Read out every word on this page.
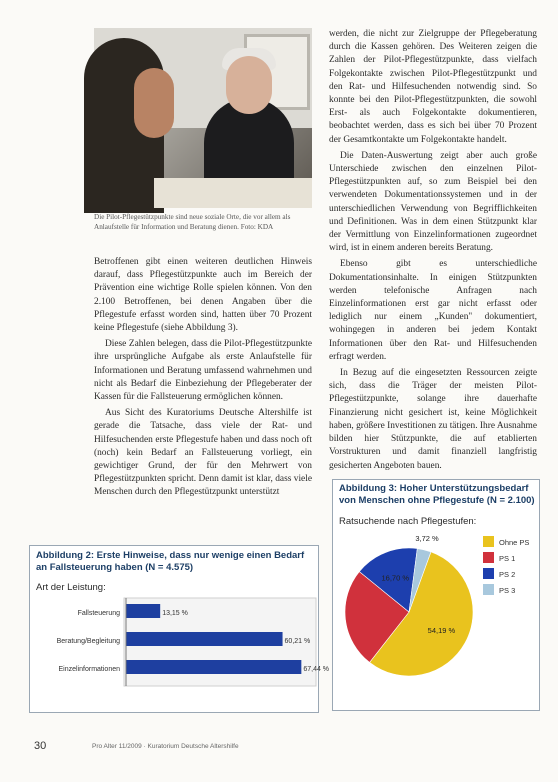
Die Pilot-Pflegestützpunkte sind neue soziale Orte, die vor allem als Anlaufstelle für Information und Beratung dienen. Foto: KDA

Betroffenen gibt einen weiteren deutlichen Hinweis darauf, dass Pflegestützpunkte auch im Bereich der Prävention eine wichtige Rolle spielen können. Von den 2.100 Betroffenen, bei denen Angaben über die Pflegestufe erfasst worden sind, hatten über 70 Prozent keine Pflegestufe (siehe Abbildung 3).

Diese Zahlen belegen, dass die Pilot-Pflegestützpunkte ihre ursprüngliche Aufgabe als erste Anlaufstelle für Informationen und Beratung umfassend wahrnehmen und nicht als Bedarf die Einbeziehung der Pflegeberater der Kassen für die Fallsteuerung ermöglichen können.

Aus Sicht des Kuratoriums Deutsche Altershilfe ist gerade die Tatsache, dass viele der Rat- und Hilfesuchenden erste Pflegestufe haben und dass noch oft (noch) kein Bedarf an Fallsteuerung vorliegt, ein gewichtiger Grund, der für den Mehrwert von Pflegestützpunkten spricht. Denn damit ist klar, dass viele Menschen durch den Pflegestützpunkt unterstützt

werden, die nicht zur Zielgruppe der Pflegeberatung durch die Kassen gehören. Des Weiteren zeigen die Zahlen der Pilot-Pflegestützpunkte, dass vielfach Folgekontakte zwischen Pilot-Pflegestützpunkt und den Rat- und Hilfesuchenden notwendig sind. So konnte bei den Pilot-Pflegestützpunkten, die sowohl Erst- als auch Folgekontakte dokumentieren, beobachtet werden, dass es sich bei über 70 Prozent der Gesamtkontakte um Folgekontakte handelt.

Die Daten-Auswertung zeigt aber auch große Unterschiede zwischen den einzelnen Pilot-Pflegestützpunkten auf, so zum Beispiel bei den verwendeten Dokumentationssystemen und in der unterschiedlichen Verwendung von Begrifflichkeiten und Definitionen. Was in dem einen Stützpunkt klar der Vermittlung von Einzelinformationen zugeordnet wird, ist in einem anderen bereits Beratung.

Ebenso gibt es unterschiedliche Dokumentationsinhalte. In einigen Stützpunkten werden telefonische Anfragen nach Einzelinformationen erst gar nicht erfasst oder lediglich nur einem „Kunden" dokumentiert, wohingegen in anderen bei jedem Kontakt Informationen über den Rat- und Hilfesuchenden erfragt werden.

In Bezug auf die eingesetzten Ressourcen zeigte sich, dass die Träger der meisten Pilot-Pflegestützpunkte, solange ihre dauerhafte Finanzierung nicht gesichert ist, keine Möglichkeit haben, größere Investitionen zu tätigen. Ihre Ausnahme bilden hier Stützpunkte, die auf etablierten Vorstrukturen und damit finanziell langfristig gesicherten Angeboten bauen.

Abbildung 2: Erste Hinweise, dass nur wenige einen Bedarf an Fallsteuerung haben (N = 4.575)
Art der Leistung:
Fallsteuerung	13,15 %
Beratung/Begleitung	60,21 %
Einzelinformationen	67,44 %
Abbildung 3: Hoher Unterstützungsbedarf von Menschen ohne Pflegestufe (N = 2.100)
Ratsuchende nach Pflegestufen:
54,19 %
16,70 %
3,72 %	Ohne PS
PS 1
PS 2
PS 3
30	Pro Alter 11/2009 · Kuratorium Deutsche Altershilfe
